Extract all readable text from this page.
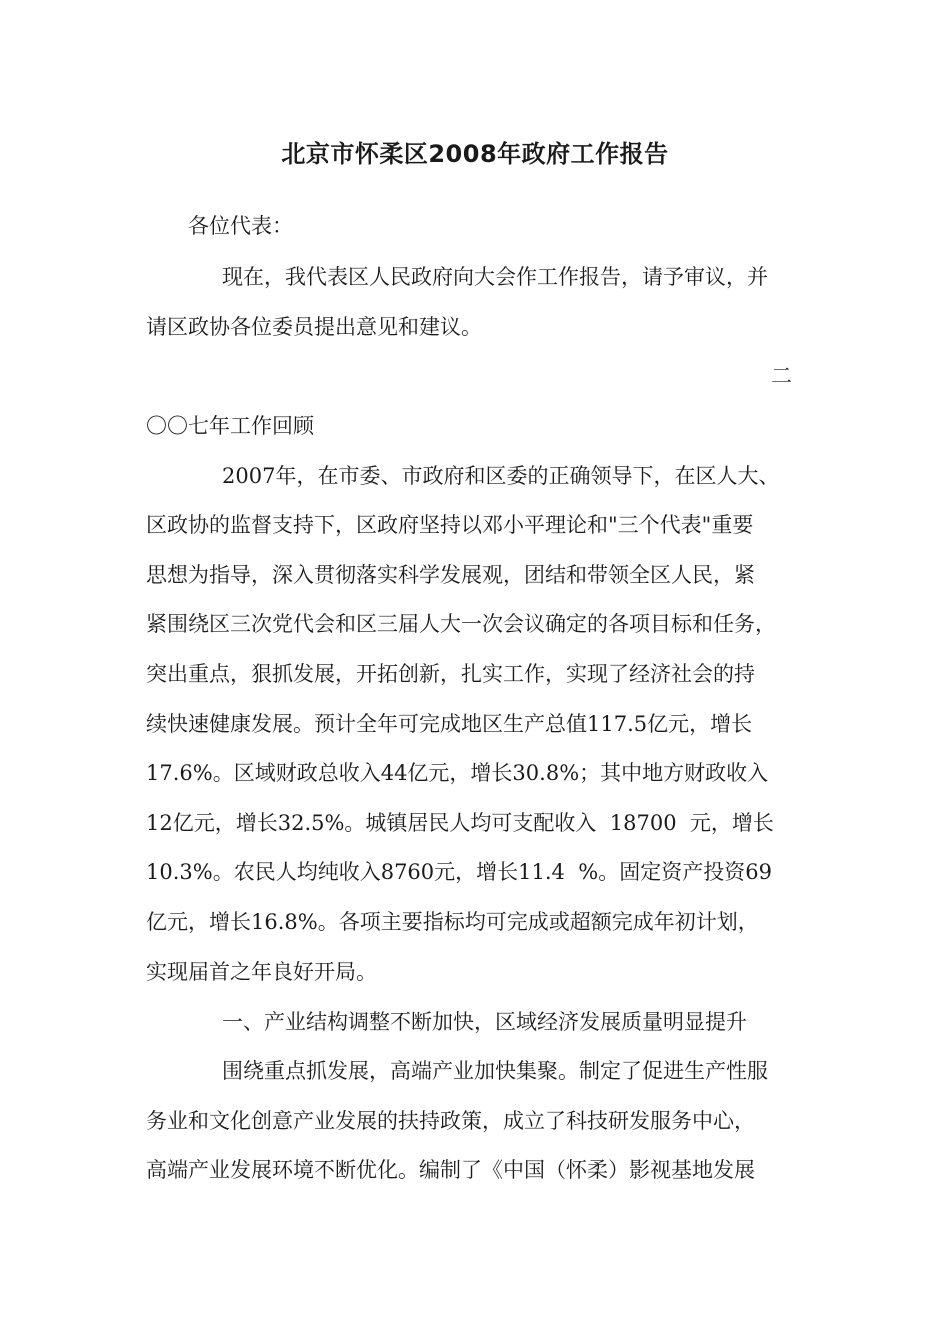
北京市怀柔区2008年政府工作报告
各位代表：
现在，我代表区人民政府向大会作工作报告，请予审议，并
请区政协各位委员提出意见和建议。
二
〇〇七年工作回顾
2007年，在市委、市政府和区委的正确领导下，在区人大、
区政协的监督支持下，区政府坚持以邓小平理论和"三个代表"重要
思想为指导，深入贯彻落实科学发展观，团结和带领全区人民，紧
紧围绕区三次党代会和区三届人大一次会议确定的各项目标和任务，
突出重点，狠抓发展，开拓创新，扎实工作，实现了经济社会的持
续快速健康发展。预计全年可完成地区生产总值117.5亿元，增长
17.6%。区域财政总收入44亿元，增长30.8%；其中地方财政收入
12亿元，增长32.5%。城镇居民人均可支配收入  18700  元，增长
10.3%。农民人均纯收入8760元，增长11.4  %。固定资产投资69
亿元，增长16.8%。各项主要指标均可完成或超额完成年初计划，
实现届首之年良好开局。
一、产业结构调整不断加快，区域经济发展质量明显提升
围绕重点抓发展，高端产业加快集聚。制定了促进生产性服
务业和文化创意产业发展的扶持政策，成立了科技研发服务中心，
高端产业发展环境不断优化。编制了《中国（怀柔）影视基地发展
